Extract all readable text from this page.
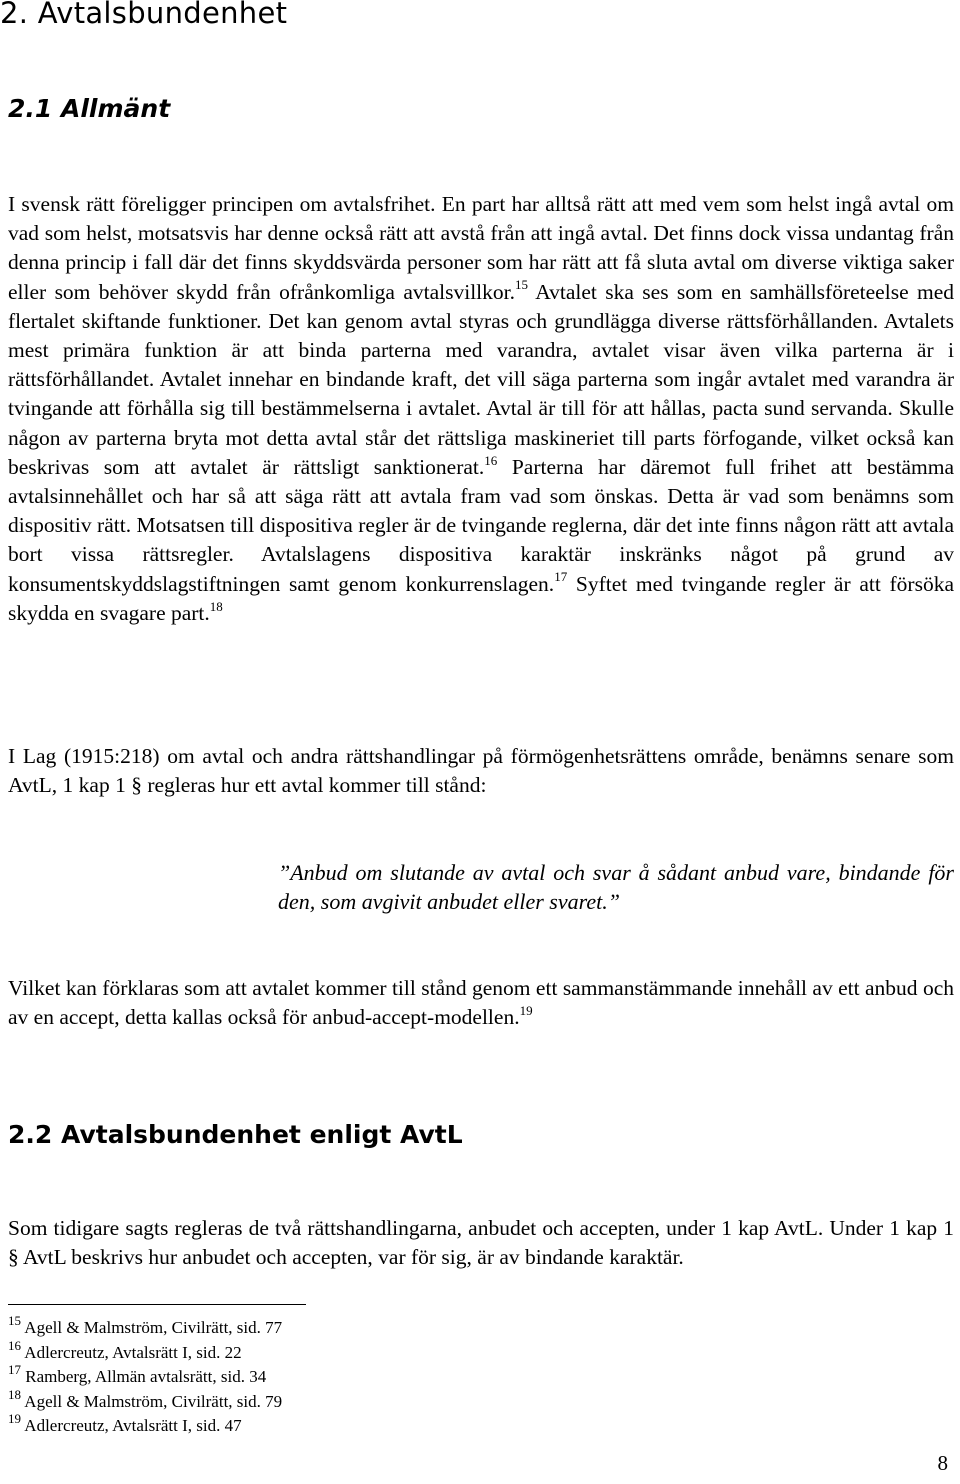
2. Avtalsbundenhet
2.1 Allmänt

I svensk rätt föreligger principen om avtalsfrihet. En part har alltså rätt att med vem som helst ingå avtal om vad som helst, motsatsvis har denne också rätt att avstå från att ingå avtal. Det finns dock vissa undantag från denna princip i fall där det finns skyddsvärda personer som har rätt att få sluta avtal om diverse viktiga saker eller som behöver skydd från ofrånkomliga avtalsvillkor.$^{15}$ Avtalet ska ses som en samhällsföreteelse med flertalet skiftande funktioner. Det kan genom avtal styras och grundlägga diverse rättsförhållanden. Avtalets mest primära funktion är att binda parterna med varandra, avtalet visar även vilka parterna är i rättsförhållandet. Avtalet innehar en bindande kraft, det vill säga parterna som ingår avtalet med varandra är tvingande att förhålla sig till bestämmelserna i avtalet. Avtal är till för att hållas, pacta sund servanda. Skulle någon av parterna bryta mot detta avtal står det rättsliga maskineriet till parts förfogande, vilket också kan beskrivas som att avtalet är rättsligt sanktionerat.$^{16}$ Parterna har däremot full frihet att bestämma avtalsinnehållet och har så att säga rätt att avtala fram vad som önskas. Detta är vad som benämns som dispositiv rätt. Motsatsen till dispositiva regler är de tvingande reglerna, där det inte finns någon rätt att avtala bort vissa rättsregler. Avtalslagens dispositiva karaktär inskränks något på grund av konsumentskyddslagstiftningen samt genom konkurrenslagen.$^{17}$ Syftet med tvingande regler är att försöka skydda en svagare part.$^{18}$

I Lag (1915:218) om avtal och andra rättshandlingar på förmögenhetsrättens område, benämns senare som AvtL, 1 kap 1 § regleras hur ett avtal kommer till stånd:

”Anbud om slutande av avtal och svar å sådant anbud vare, bindande för den, som avgivit anbudet eller svaret.”

Vilket kan förklaras som att avtalet kommer till stånd genom ett sammanstämmande innehåll av ett anbud och av en accept, detta kallas också för anbud-accept-modellen.$^{19}$

2.2 Avtalsbundenhet enligt AvtL

Som tidigare sagts regleras de två rättshandlingarna, anbudet och accepten, under 1 kap AvtL. Under 1 kap 1 § AvtL beskrivs hur anbudet och accepten, var för sig, är av bindande karaktär.

$^{15}$ Agell & Malmström, Civilrätt, sid. 77
$^{16}$ Adlercreutz, Avtalsrätt I, sid. 22
$^{17}$ Ramberg, Allmän avtalsrätt, sid. 34
$^{18}$ Agell & Malmström, Civilrätt, sid. 79
$^{19}$ Adlercreutz, Avtalsrätt I, sid. 47
8
